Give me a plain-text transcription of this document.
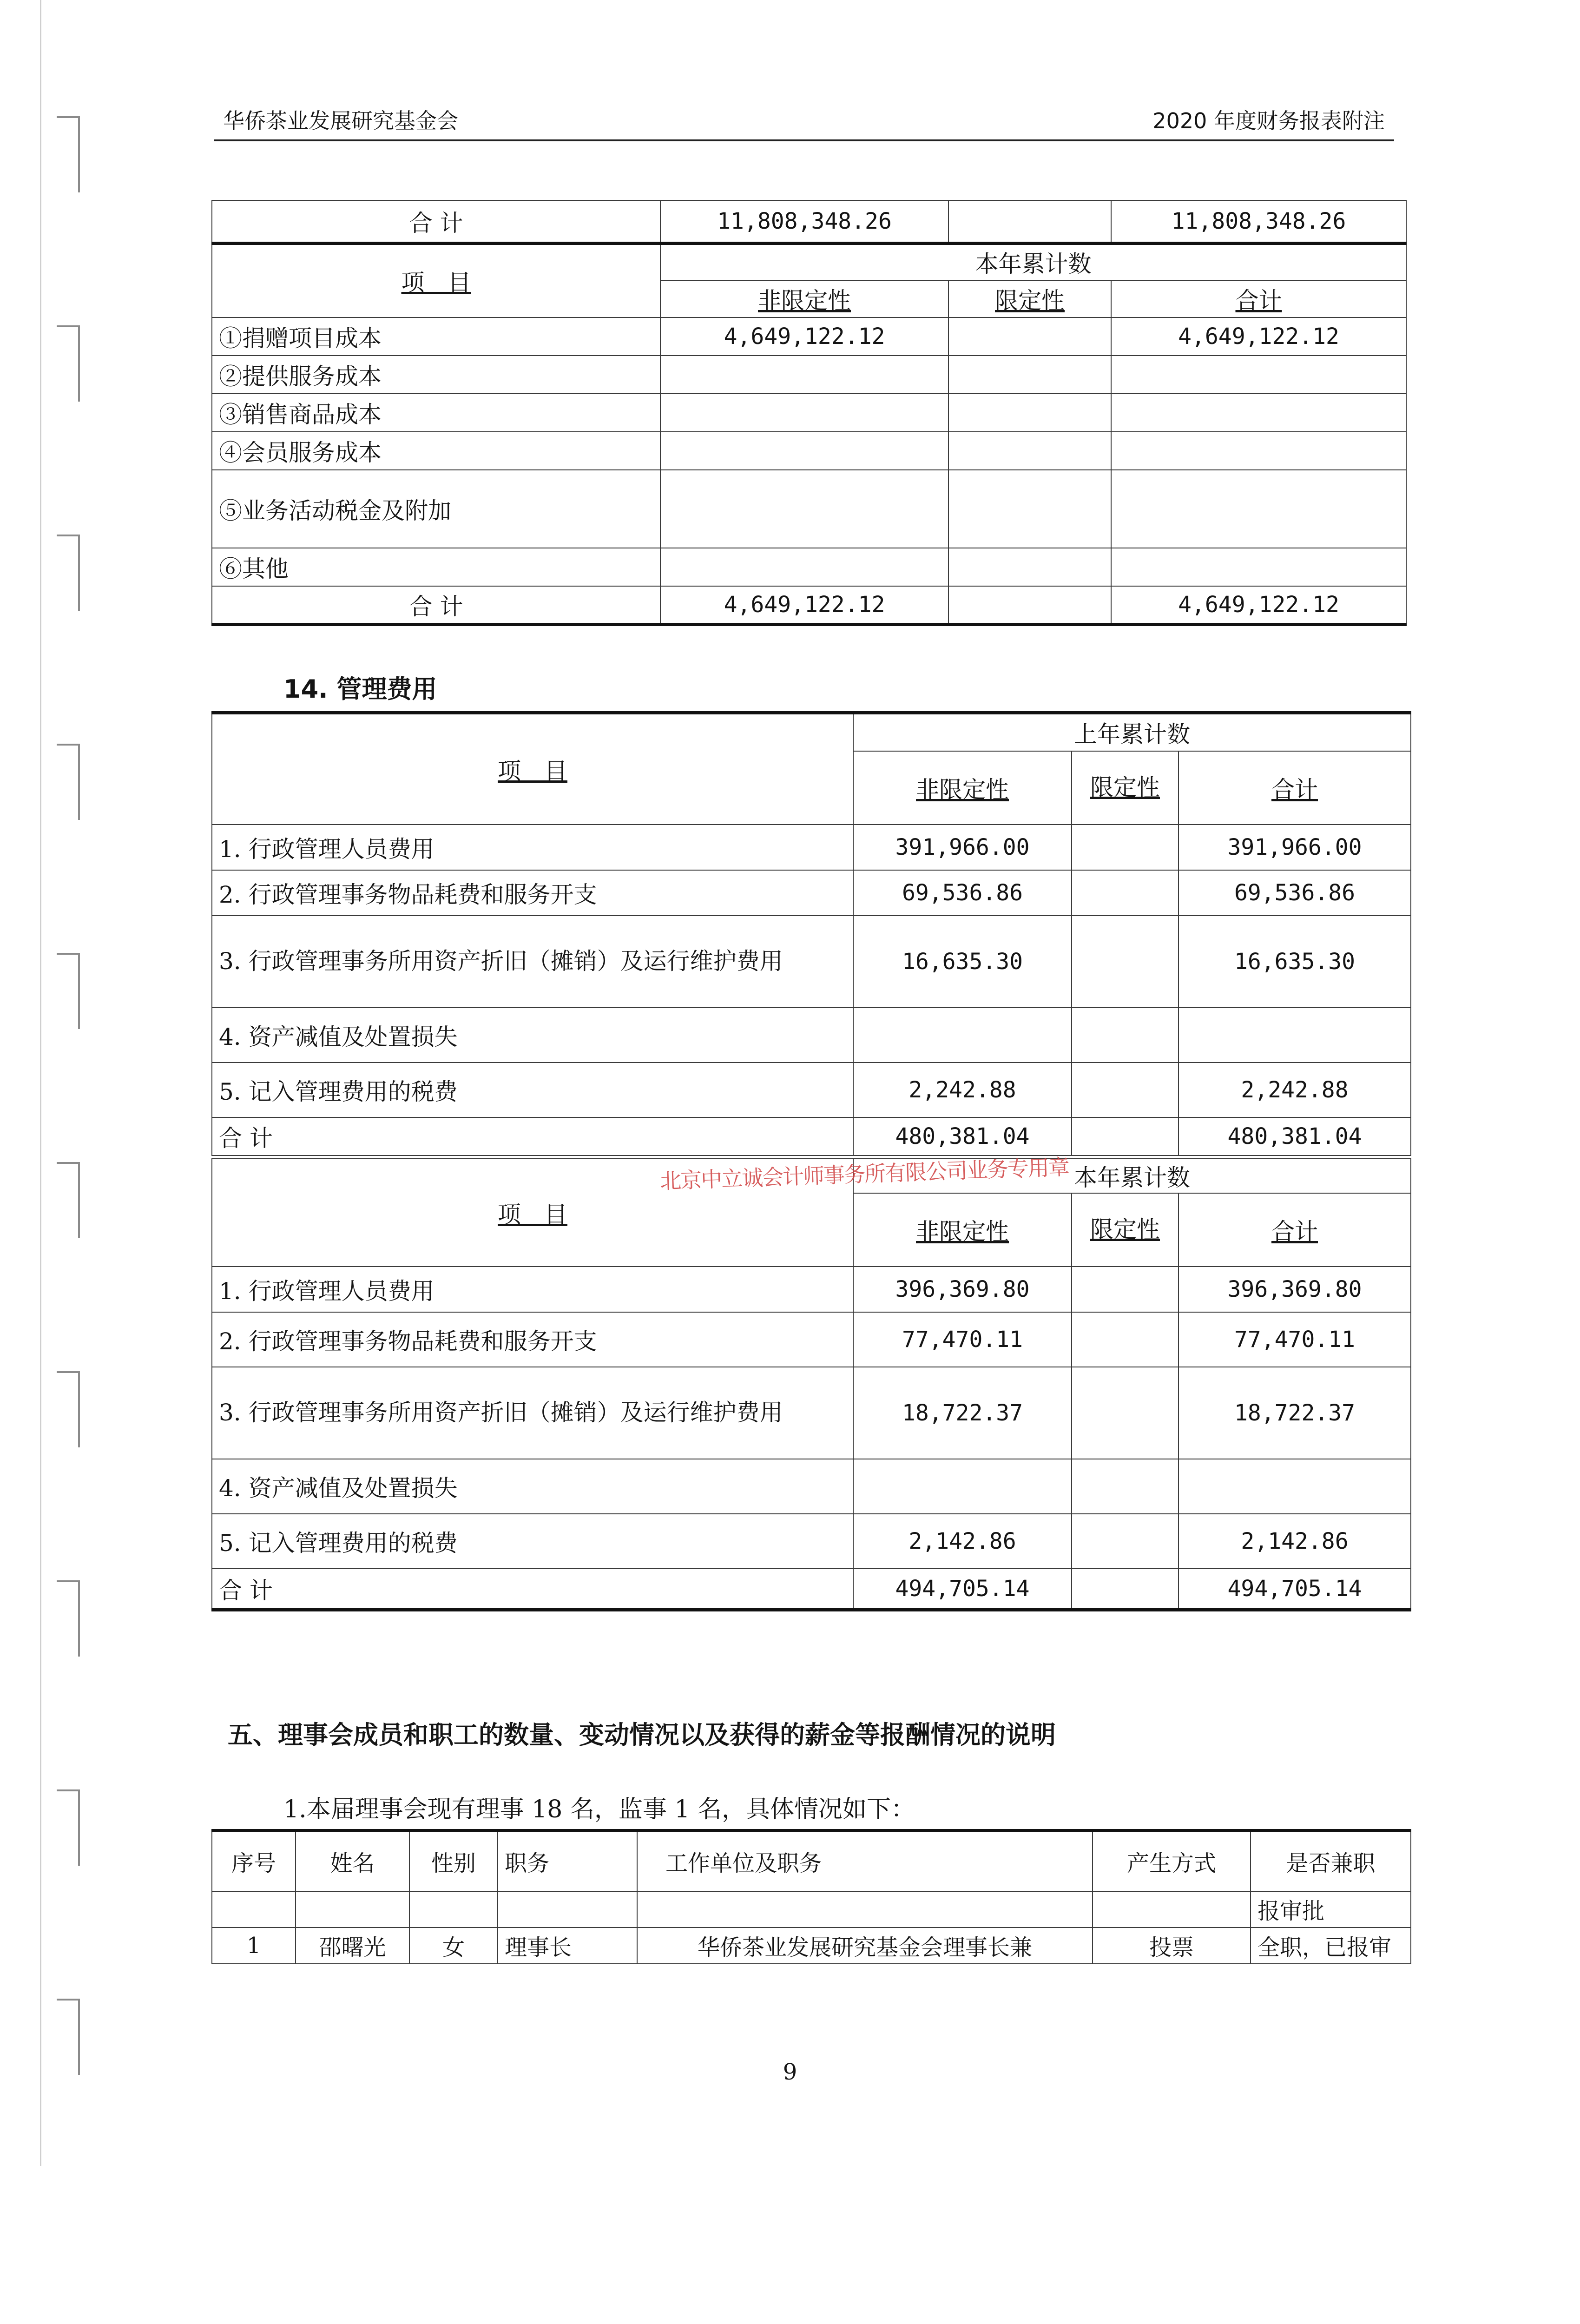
华侨茶业发展研究基金会	2020 年度财务报表附注
合 计	11,808,348.26		11,808,348.26
项　目	本年累计数		
	非限定性	限定性	合计
①捐赠项目成本	4,649,122.12		4,649,122.12
②提供服务成本			
③销售商品成本			
④会员服务成本			
⑤业务活动税金及附加			
⑥其他			
合 计	4,649,122.12		4,649,122.12
14. 管理费用
项　目	上年累计数		
	非限定性	限定性	合计
1. 行政管理人员费用	391,966.00		391,966.00
2. 行政管理事务物品耗费和服务开支	69,536.86		69,536.86
3. 行政管理事务所用资产折旧（摊销）及运行维护费用	16,635.30		16,635.30
4. 资产减值及处置损失			
5. 记入管理费用的税费	2,242.88		2,242.88
合 计	480,381.04		480,381.04
项　目	本年累计数		
	非限定性	限定性	合计
1. 行政管理人员费用	396,369.80		396,369.80
2. 行政管理事务物品耗费和服务开支	77,470.11		77,470.11
3. 行政管理事务所用资产折旧（摊销）及运行维护费用	18,722.37		18,722.37
4. 资产减值及处置损失			
5. 记入管理费用的税费	2,142.86		2,142.86
合 计	494,705.14		494,705.14
北京中立诚会计师事务所有限公司业务专用章
五、理事会成员和职工的数量、变动情况以及获得的薪金等报酬情况的说明
1.本届理事会现有理事 18 名，监事 1 名，具体情况如下：
序号	姓名	性别	职务	工作单位及职务	产生方式	是否兼职
						报审批
1	邵曙光	女	理事长	华侨茶业发展研究基金会理事长兼	投票	全职，已报审
9
